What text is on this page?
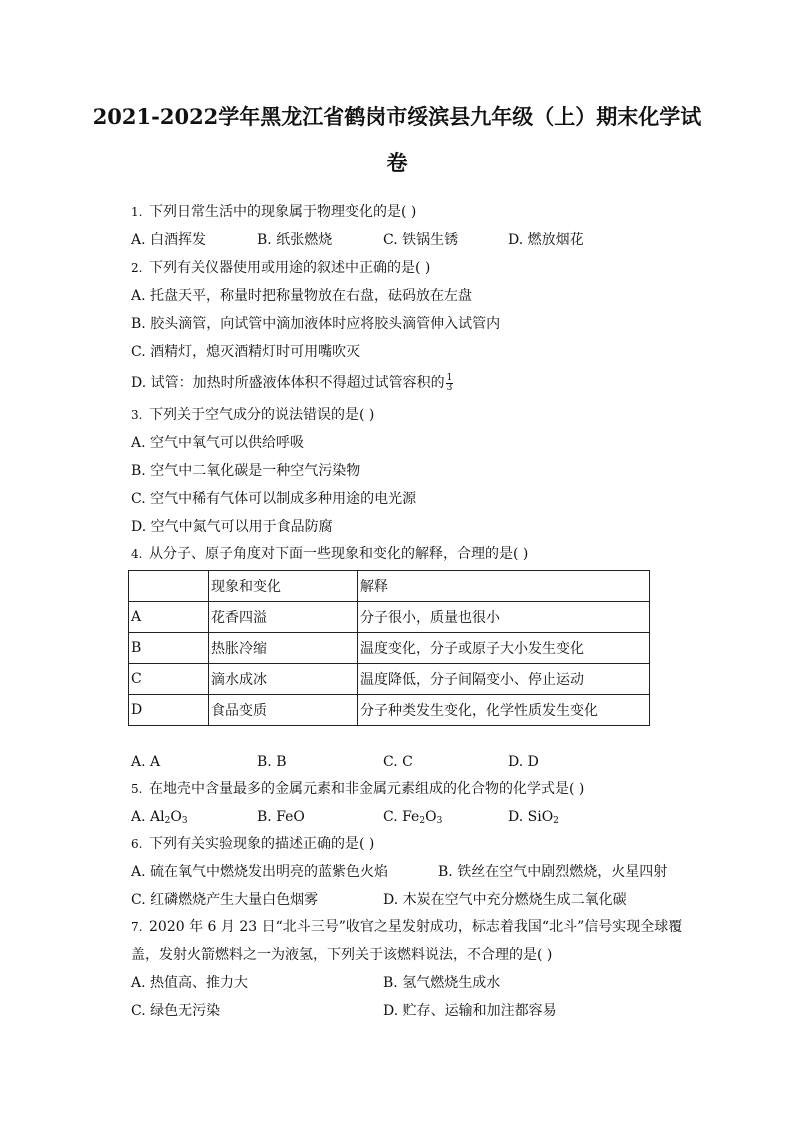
2021-2022学年黑龙江省鹤岗市绥滨县九年级（上）期末化学试
卷
1. 下列日常生活中的现象属于物理变化的是( )
A. 白酒挥发	B. 纸张燃烧	C. 铁锅生锈	D. 燃放烟花
2. 下列有关仪器使用或用途的叙述中正确的是( )
A. 托盘天平，称量时把称量物放在右盘，砝码放在左盘
B. 胶头滴管，向试管中滴加液体时应将胶头滴管伸入试管内
C. 酒精灯，熄灭酒精灯时可用嘴吹灭
D. 试管：加热时所盛液体体积不得超过试管容积的 $\frac{1}{3}$
3. 下列关于空气成分的说法错误的是( )
A. 空气中氧气可以供给呼吸
B. 空气中二氧化碳是一种空气污染物
C. 空气中稀有气体可以制成多种用途的电光源
D. 空气中氮气可以用于食品防腐
4. 从分子、原子角度对下面一些现象和变化的解释，合理的是( )
	现象和变化	解释
A	花香四溢	分子很小，质量也很小
B	热胀冷缩	温度变化，分子或原子大小发生变化
C	滴水成冰	温度降低，分子间隔变小、停止运动
D	食品变质	分子种类发生变化，化学性质发生变化
A. A	B. B	C. C	D. D
5. 在地壳中含量最多的金属元素和非金属元素组成的化合物的化学式是( )
A. $Al_2O_3$	B. FeO	C. $Fe_2O_3$	D. SiO$_2$
6. 下列有关实验现象的描述正确的是( )
A. 硫在氧气中燃烧发出明亮的蓝紫色火焰	B. 铁丝在空气中剧烈燃烧，火星四射
C. 红磷燃烧产生大量白色烟雾	D. 木炭在空气中充分燃烧生成二氧化碳
7. 2020 年 6 月 23 日“北斗三号”收官之星发射成功，标志着我国“北斗”信号实现全球覆
盖，发射火箭燃料之一为液氢，下列关于该燃料说法，不合理的是( )
A. 热值高、推力大	B. 氢气燃烧生成水
C. 绿色无污染	D. 贮存、运输和加注都容易
